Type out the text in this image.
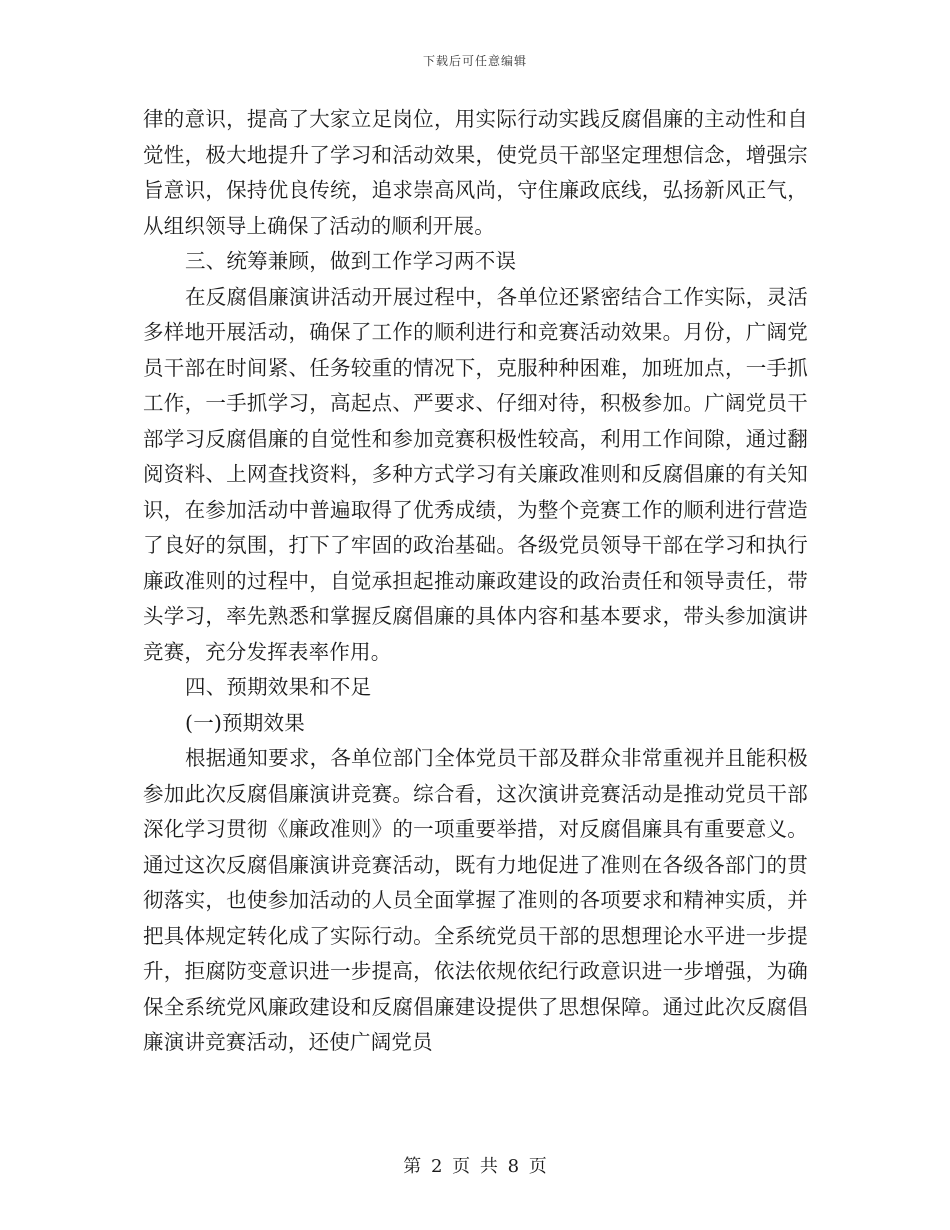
下载后可任意编辑

律的意识，提高了大家立足岗位，用实际行动实践反腐倡廉的主动性和自觉性，极大地提升了学习和活动效果，使党员干部坚定理想信念，增强宗旨意识，保持优良传统，追求崇高风尚，守住廉政底线，弘扬新风正气，从组织领导上确保了活动的顺利开展。

三、统筹兼顾，做到工作学习两不误

在反腐倡廉演讲活动开展过程中，各单位还紧密结合工作实际，灵活多样地开展活动，确保了工作的顺利进行和竞赛活动效果。月份，广阔党员干部在时间紧、任务较重的情况下，克服种种困难，加班加点，一手抓工作，一手抓学习，高起点、严要求、仔细对待，积极参加。广阔党员干部学习反腐倡廉的自觉性和参加竞赛积极性较高，利用工作间隙，通过翻阅资料、上网查找资料，多种方式学习有关廉政准则和反腐倡廉的有关知识，在参加活动中普遍取得了优秀成绩，为整个竞赛工作的顺利进行营造了良好的氛围，打下了牢固的政治基础。各级党员领导干部在学习和执行廉政准则的过程中，自觉承担起推动廉政建设的政治责任和领导责任，带头学习，率先熟悉和掌握反腐倡廉的具体内容和基本要求，带头参加演讲竞赛，充分发挥表率作用。

四、预期效果和不足

(一)预期效果

根据通知要求，各单位部门全体党员干部及群众非常重视并且能积极参加此次反腐倡廉演讲竞赛。综合看，这次演讲竞赛活动是推动党员干部深化学习贯彻《廉政准则》的一项重要举措，对反腐倡廉具有重要意义。通过这次反腐倡廉演讲竞赛活动，既有力地促进了准则在各级各部门的贯彻落实，也使参加活动的人员全面掌握了准则的各项要求和精神实质，并把具体规定转化成了实际行动。全系统党员干部的思想理论水平进一步提升，拒腐防变意识进一步提高，依法依规依纪行政意识进一步增强，为确保全系统党风廉政建设和反腐倡廉建设提供了思想保障。通过此次反腐倡廉演讲竞赛活动，还使广阔党员

第 2 页 共 8 页
